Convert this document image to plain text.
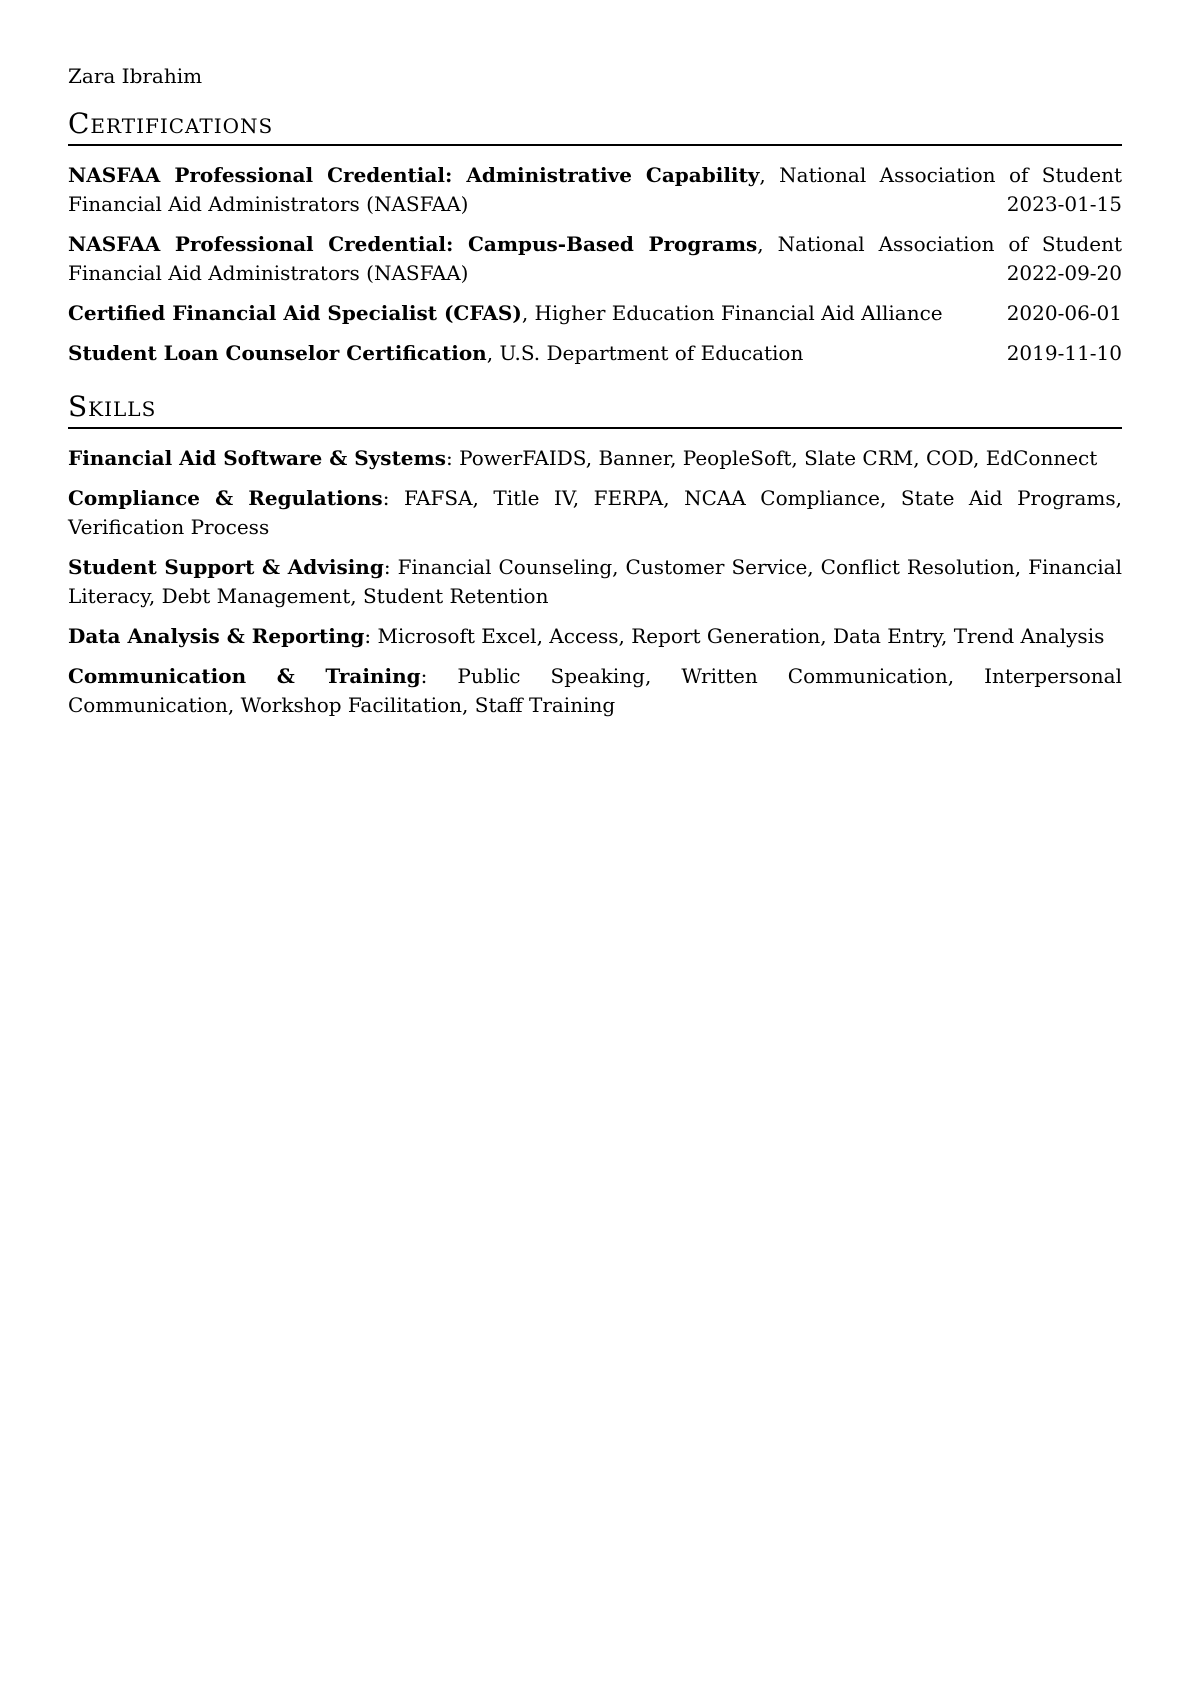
Zara Ibrahim

Certifications
2023-01-15

NASFAA Professional Credential: Administrative Capability, National Association of Student Financial Aid Administrators (NASFAA)

2022-09-20

NASFAA Professional Credential: Campus-Based Programs, National Association of Student Financial Aid Administrators (NASFAA)

2020-06-01

Certified Financial Aid Specialist (CFAS), Higher Education Financial Aid Alliance

2019-11-10

Student Loan Counselor Certification, U.S. Department of Education

Skills

Financial Aid Software & Systems: PowerFAIDS, Banner, PeopleSoft, Slate CRM, COD, EdConnect

Compliance & Regulations: FAFSA, Title IV, FERPA, NCAA Compliance, State Aid Programs, Verification Process

Student Support & Advising: Financial Counseling, Customer Service, Conflict Resolution, Financial Literacy, Debt Management, Student Retention

Data Analysis & Reporting: Microsoft Excel, Access, Report Generation, Data Entry, Trend Analysis

Communication & Training: Public Speaking, Written Communication, Interpersonal Communication, Workshop Facilitation, Staff Training
